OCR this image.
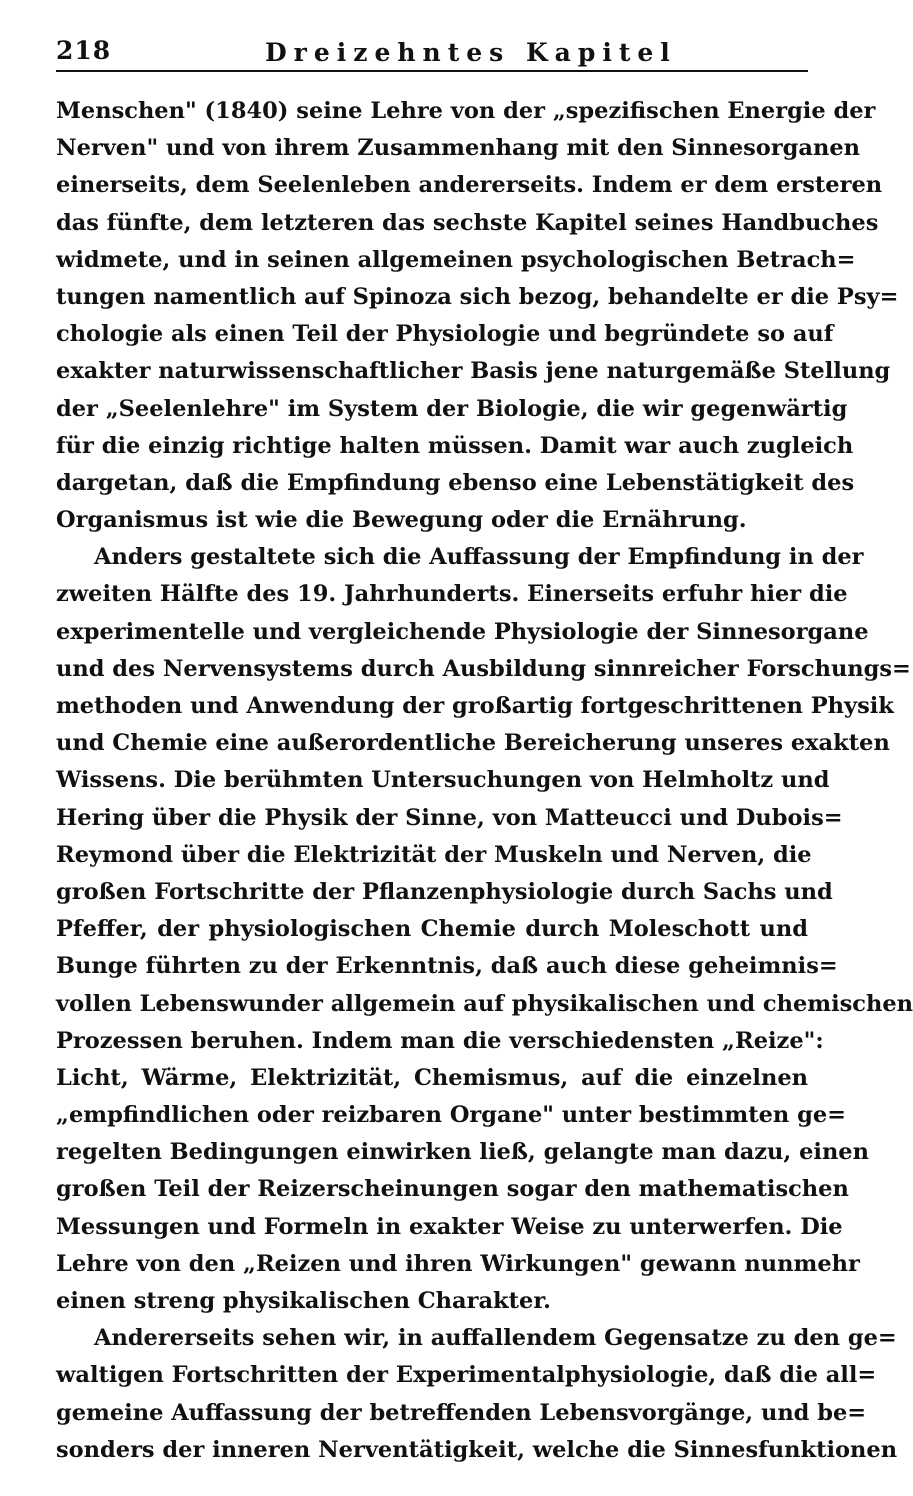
218	Dreizehntes Kapitel
Menschen" (1840) seine Lehre von der „spezifischen Energie der
Nerven" und von ihrem Zusammenhang mit den Sinnesorganen
einerseits, dem Seelenleben andererseits. Indem er dem ersteren
das fünfte, dem letzteren das sechste Kapitel seines Handbuches
widmete, und in seinen allgemeinen psychologischen Betrach=
tungen namentlich auf Spinoza sich bezog, behandelte er die Psy=
chologie als einen Teil der Physiologie und begründete so auf
exakter naturwissenschaftlicher Basis jene naturgemäße Stellung
der „Seelenlehre" im System der Biologie, die wir gegenwärtig
für die einzig richtige halten müssen. Damit war auch zugleich
dargetan, daß die Empfindung ebenso eine Lebenstätigkeit des
Organismus ist wie die Bewegung oder die Ernährung.
Anders gestaltete sich die Auffassung der Empfindung in der
zweiten Hälfte des 19. Jahrhunderts. Einerseits erfuhr hier die
experimentelle und vergleichende Physiologie der Sinnesorgane
und des Nervensystems durch Ausbildung sinnreicher Forschungs=
methoden und Anwendung der großartig fortgeschrittenen Physik
und Chemie eine außerordentliche Bereicherung unseres exakten
Wissens. Die berühmten Untersuchungen von Helmholtz und
Hering über die Physik der Sinne, von Matteucci und Dubois=
Reymond über die Elektrizität der Muskeln und Nerven, die
großen Fortschritte der Pflanzenphysiologie durch Sachs und
Pfeffer, der physiologischen Chemie durch Moleschott und
Bunge führten zu der Erkenntnis, daß auch diese geheimnis=
vollen Lebenswunder allgemein auf physikalischen und chemischen
Prozessen beruhen. Indem man die verschiedensten „Reize":
Licht, Wärme, Elektrizität, Chemismus, auf die einzelnen
„empfindlichen oder reizbaren Organe" unter bestimmten ge=
regelten Bedingungen einwirken ließ, gelangte man dazu, einen
großen Teil der Reizerscheinungen sogar den mathematischen
Messungen und Formeln in exakter Weise zu unterwerfen. Die
Lehre von den „Reizen und ihren Wirkungen" gewann nunmehr
einen streng physikalischen Charakter.
Andererseits sehen wir, in auffallendem Gegensatze zu den ge=
waltigen Fortschritten der Experimentalphysiologie, daß die all=
gemeine Auffassung der betreffenden Lebensvorgänge, und be=
sonders der inneren Nerventätigkeit, welche die Sinnesfunktionen
